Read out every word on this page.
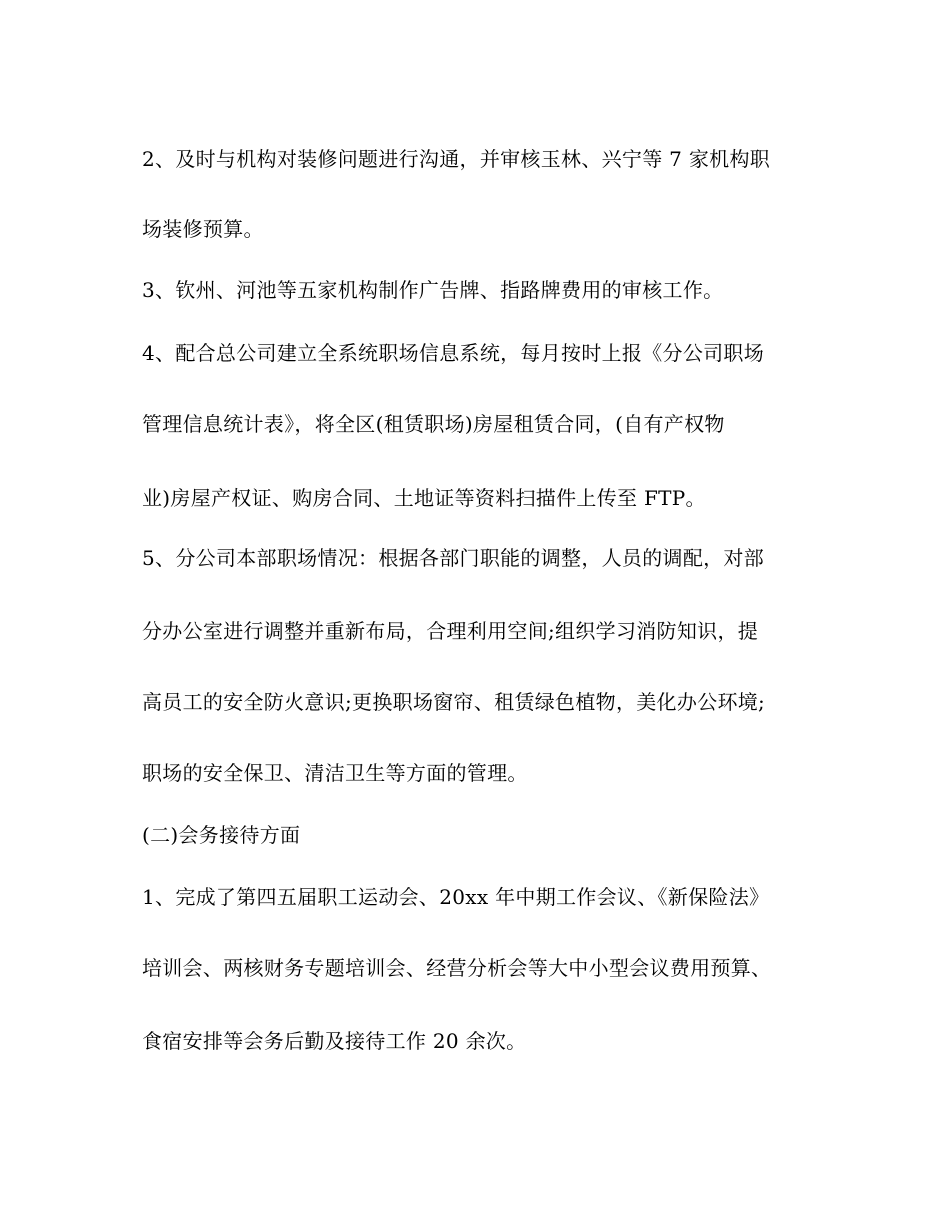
2、及时与机构对装修问题进行沟通，并审核玉林、兴宁等 7 家机构职
场装修预算。
3、钦州、河池等五家机构制作广告牌、指路牌费用的审核工作。
4、配合总公司建立全系统职场信息系统，每月按时上报《分公司职场
管理信息统计表》，将全区(租赁职场)房屋租赁合同，(自有产权物
业)房屋产权证、购房合同、土地证等资料扫描件上传至 FTP。
5、分公司本部职场情况：根据各部门职能的调整，人员的调配，对部
分办公室进行调整并重新布局，合理利用空间;组织学习消防知识，提
高员工的安全防火意识;更换职场窗帘、租赁绿色植物，美化办公环境;
职场的安全保卫、清洁卫生等方面的管理。
(二)会务接待方面
1、完成了第四五届职工运动会、20xx 年中期工作会议、《新保险法》
培训会、两核财务专题培训会、经营分析会等大中小型会议费用预算、
食宿安排等会务后勤及接待工作 20 余次。
